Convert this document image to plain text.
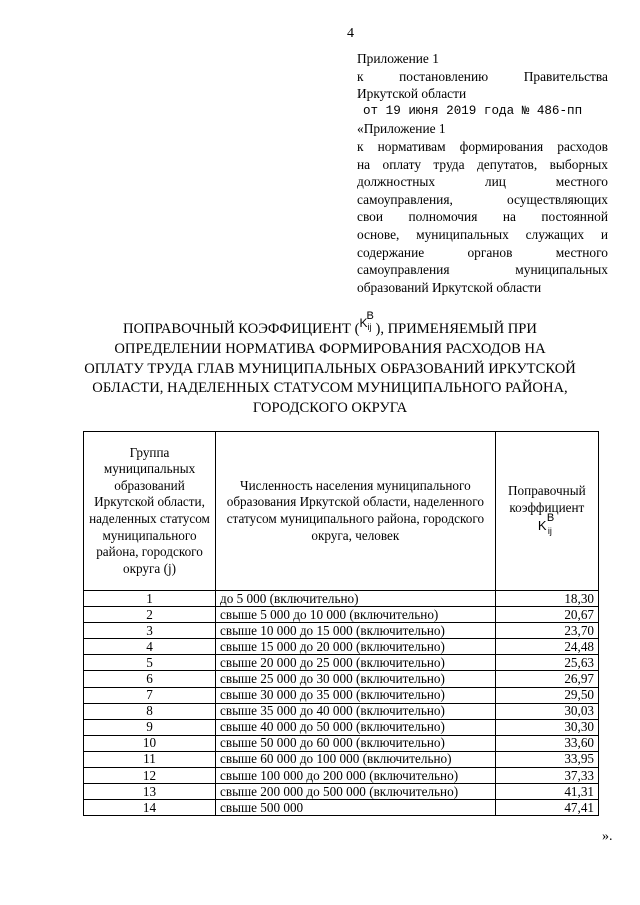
4
Приложение 1
к постановлению Правительства
Иркутской области
от 19 июня 2019 года № 486-пп
«Приложение 1
к нормативам формирования расходов
на оплату труда депутатов, выборных
должностных лиц местного
самоуправления, осуществляющих
свои полномочия на постоянной
основе, муниципальных служащих и
содержание органов местного
самоуправления муниципальных
образований Иркутской области
ПОПРАВОЧНЫЙ КОЭФФИЦИЕНТ ( K
B
ij ), ПРИМЕНЯЕМЫЙ ПРИ
ОПРЕДЕЛЕНИИ НОРМАТИВА ФОРМИРОВАНИЯ РАСХОДОВ НА
ОПЛАТУ ТРУДА ГЛАВ МУНИЦИПАЛЬНЫХ ОБРАЗОВАНИЙ ИРКУТСКОЙ
ОБЛАСТИ, НАДЕЛЕННЫХ СТАТУСОМ МУНИЦИПАЛЬНОГО РАЙОНА,
ГОРОДСКОГО ОКРУГА
Группа муниципальных образований Иркутской области, наделенных статусом муниципального района, городского округа (j)	Численность населения муниципального образования Иркутской области, наделенного статусом муниципального района, городского округа, человек	Поправочный коэффициент

K B
ij

1	до 5 000 (включительно)	18,30
2	свыше 5 000 до 10 000 (включительно)	20,67
3	свыше 10 000 до 15 000 (включительно)	23,70
4	свыше 15 000 до 20 000 (включительно)	24,48
5	свыше 20 000 до 25 000 (включительно)	25,63
6	свыше 25 000 до 30 000 (включительно)	26,97
7	свыше 30 000 до 35 000 (включительно)	29,50
8	свыше 35 000 до 40 000 (включительно)	30,03
9	свыше 40 000 до 50 000 (включительно)	30,30
10	свыше 50 000 до 60 000 (включительно)	33,60
11	свыше 60 000 до 100 000 (включительно)	33,95
12	свыше 100 000 до 200 000 (включительно)	37,33
13	свыше 200 000 до 500 000 (включительно)	41,31
14	свыше 500 000	47,41
».
